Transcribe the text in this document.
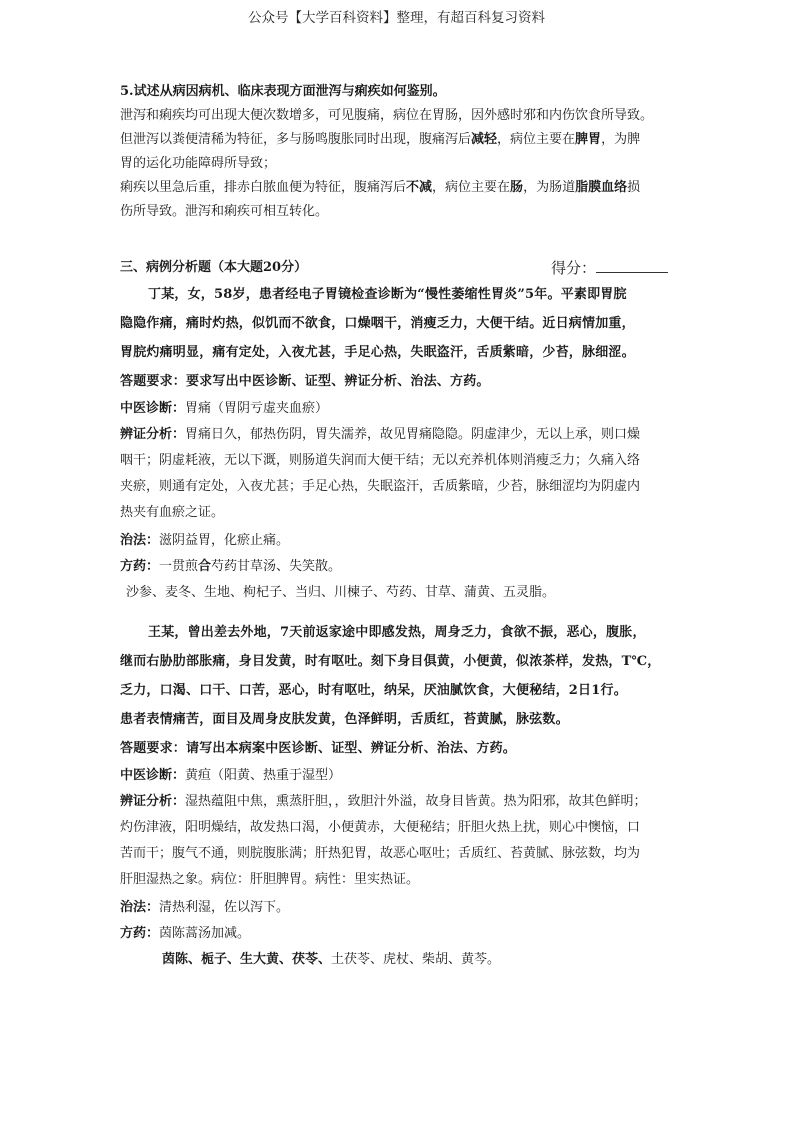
公众号【大学百科资料】整理，有超百科复习资料
5.试述从病因病机、临床表现方面泄泻与痢疾如何鉴别。
泄泻和痢疾均可出现大便次数增多，可见腹痛，病位在胃肠，因外感时邪和内伤饮食所导致。
但泄泻以粪便清稀为特征，多与肠鸣腹胀同时出现，腹痛泻后减轻，病位主要在脾胃，为脾
胃的运化功能障碍所导致；
痢疾以里急后重，排赤白脓血便为特征，腹痛泻后不减，病位主要在肠，为肠道脂膜血络损
伤所导致。泄泻和痢疾可相互转化。
三、病例分析题（本大题20分）	得分：
丁某，女，58岁，患者经电子胃镜检查诊断为“慢性萎缩性胃炎”5年。平素即胃脘
隐隐作痛，痛时灼热，似饥而不欲食，口燥咽干，消瘦乏力，大便干结。近日病情加重，
胃脘灼痛明显，痛有定处，入夜尤甚，手足心热，失眠盗汗，舌质紫暗，少苔，脉细涩。
答题要求：要求写出中医诊断、证型、辨证分析、治法、方药。
中医诊断：胃痛（胃阴亏虚夹血瘀）
辨证分析：胃痛日久，郁热伤阴，胃失濡养，故见胃痛隐隐。阴虚津少，无以上承，则口燥
咽干；阴虚耗液，无以下溉，则肠道失润而大便干结；无以充养机体则消瘦乏力；久痛入络
夹瘀，则通有定处，入夜尤甚；手足心热，失眠盗汗，舌质紫暗，少苔，脉细涩均为阴虚内
热夹有血瘀之证。
治法：滋阴益胃，化瘀止痛。
方药：一贯煎合芍药甘草汤、失笑散。
沙参、麦冬、生地、枸杞子、当归、川楝子、芍药、甘草、蒲黄、五灵脂。
王某，曾出差去外地，7天前返家途中即感发热，周身乏力，食欲不振，恶心，腹胀，
继而右胁肋部胀痛，身目发黄，时有呕吐。刻下身目俱黄，小便黄，似浓茶样，发热，T℃，
乏力，口渴、口干、口苦，恶心，时有呕吐，纳呆，厌油腻饮食，大便秘结，2日1行。
患者表情痛苦，面目及周身皮肤发黄，色泽鲜明，舌质红，苔黄腻，脉弦数。
答题要求：请写出本病案中医诊断、证型、辨证分析、治法、方药。
中医诊断：黄疸（阳黄、热重于湿型）
辨证分析：湿热蕴阻中焦，熏蒸肝胆，，致胆汁外溢，故身目皆黄。热为阳邪，故其色鲜明；
灼伤津液，阳明燥结，故发热口渴，小便黄赤，大便秘结；肝胆火热上扰，则心中懊恼，口
苦而干；腹气不通，则脘腹胀满；肝热犯胃，故恶心呕吐；舌质红、苔黄腻、脉弦数，均为
肝胆湿热之象。病位：肝胆脾胃。病性：里实热证。
治法：清热利湿，佐以泻下。
方药：茵陈蒿汤加减。
茵陈、栀子、生大黄、茯苓、土茯苓、虎杖、柴胡、黄芩。
